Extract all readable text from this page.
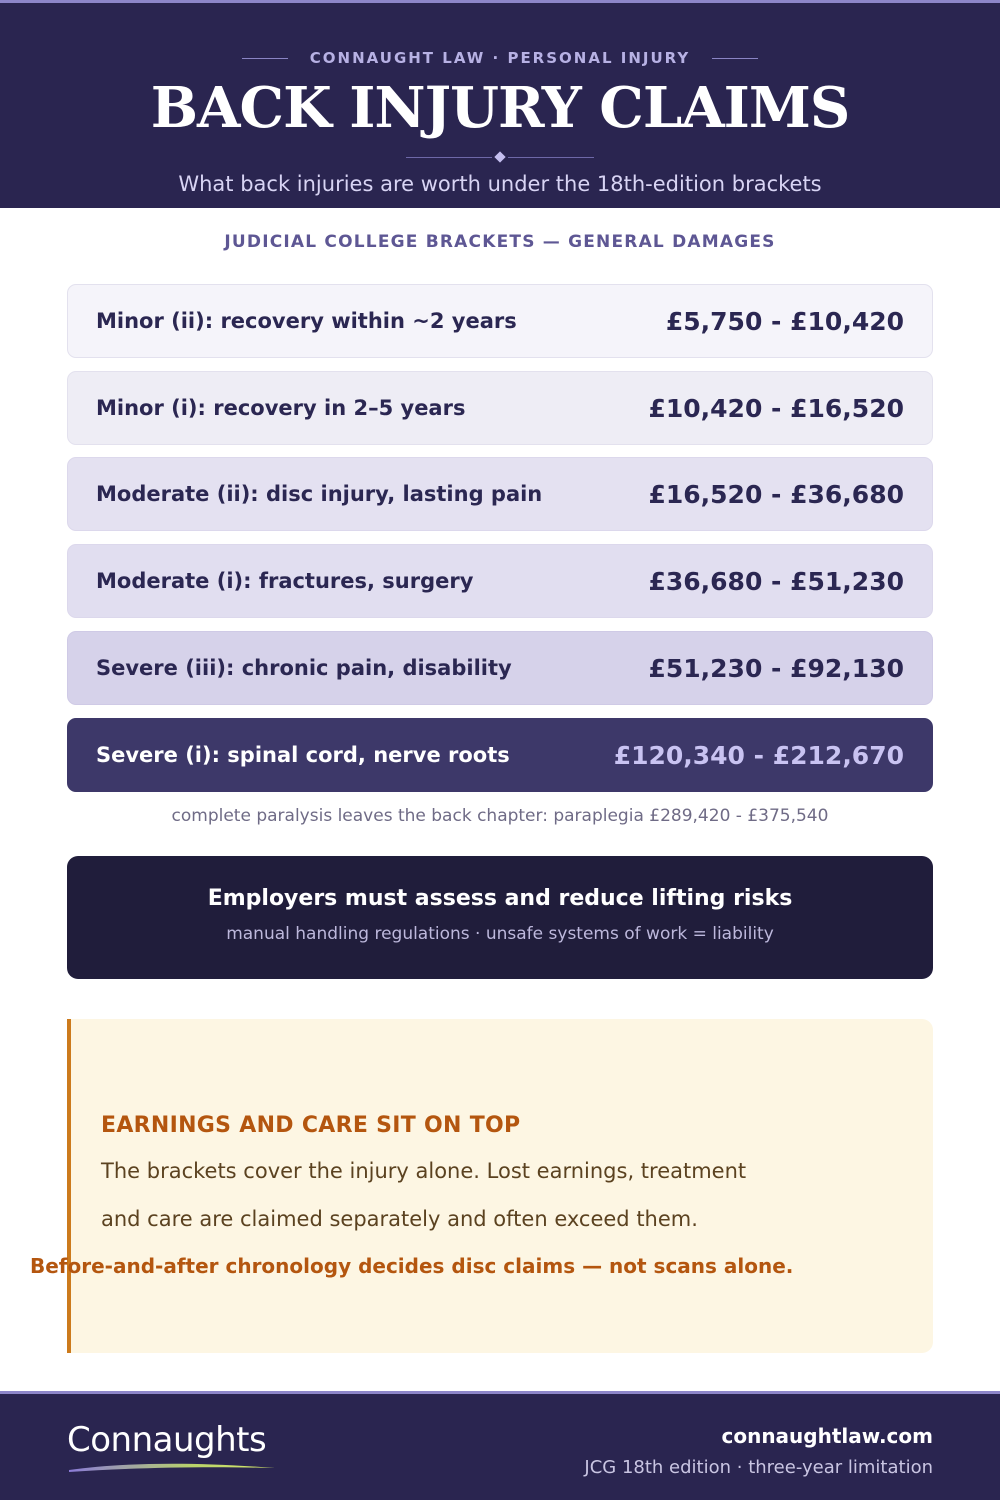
CONNAUGHT LAW · PERSONAL INJURY
BACK INJURY CLAIMS
What back injuries are worth under the 18th-edition brackets
JUDICIAL COLLEGE BRACKETS — GENERAL DAMAGES
Minor (ii): recovery within ~2 years	£5,750 - £10,420
Minor (i): recovery in 2–5 years	£10,420 - £16,520
Moderate (ii): disc injury, lasting pain	£16,520 - £36,680
Moderate (i): fractures, surgery	£36,680 - £51,230
Severe (iii): chronic pain, disability	£51,230 - £92,130
Severe (i): spinal cord, nerve roots	£120,340 - £212,670
complete paralysis leaves the back chapter: paraplegia £289,420 - £375,540
Employers must assess and reduce lifting risks
manual handling regulations · unsafe systems of work = liability
EARNINGS AND CARE SIT ON TOP
The brackets cover the injury alone. Lost earnings, treatment
and care are claimed separately and often exceed them.
Before-and-after chronology decides disc claims — not scans alone.
Connaughts	connaughtlaw.com
JCG 18th edition · three-year limitation
